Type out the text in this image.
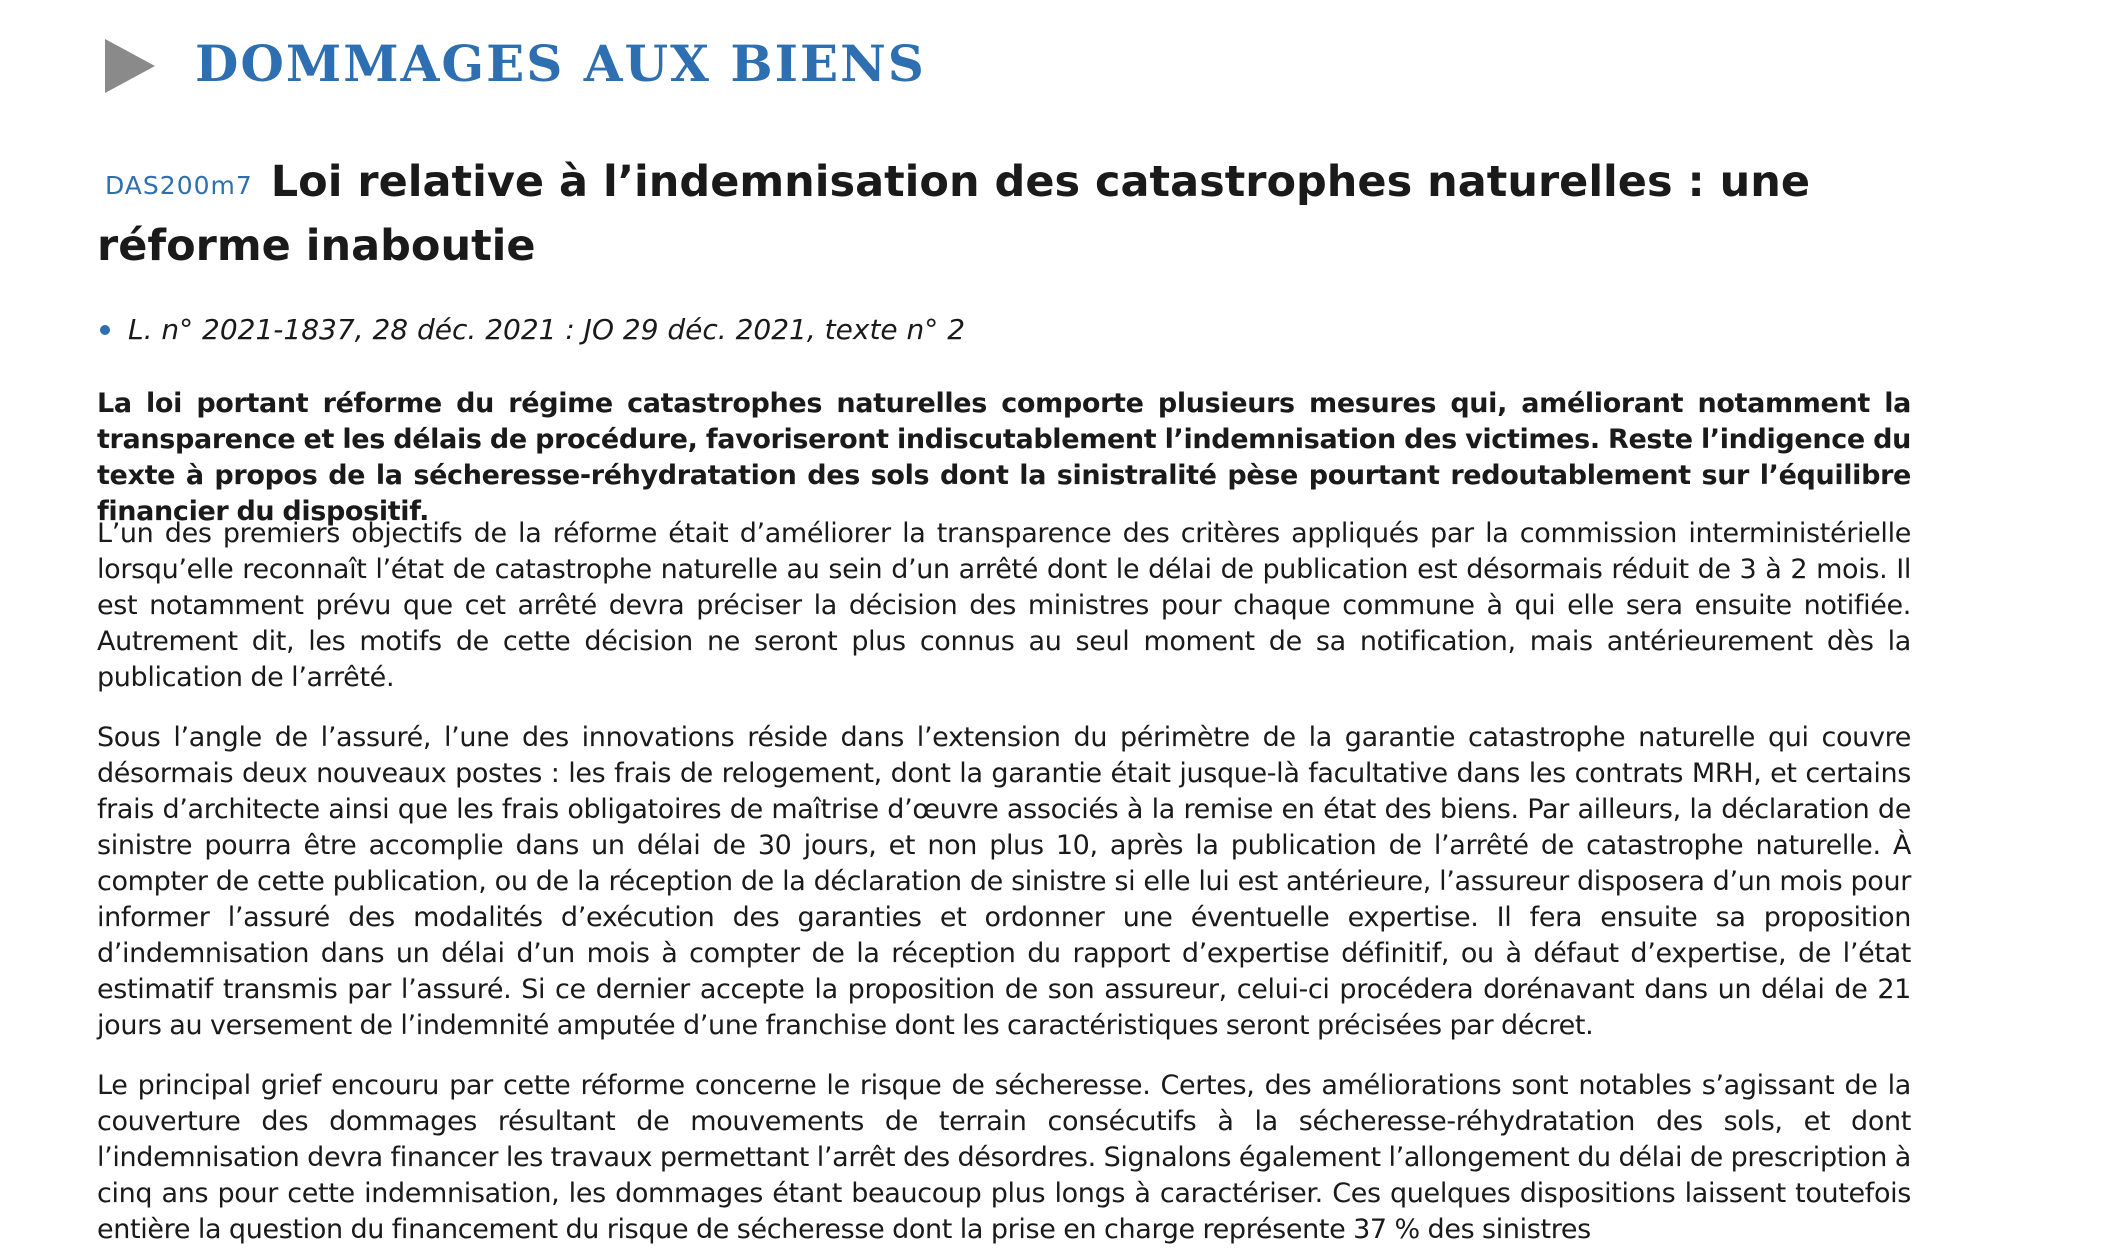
DOMMAGES AUX BIENS
DAS200m7 Loi relative à l’indemnisation des catastrophes naturelles : une réforme inaboutie
L. n° 2021-1837, 28 déc. 2021 : JO 29 déc. 2021, texte n° 2

La loi portant réforme du régime catastrophes naturelles comporte plusieurs mesures qui, améliorant notamment la transparence et les délais de procédure, favoriseront indiscutablement l’indemnisation des victimes. Reste l’indigence du texte à propos de la sécheresse-réhydratation des sols dont la sinistralité pèse pourtant redoutablement sur l’équilibre financier du dispositif.

L’un des premiers objectifs de la réforme était d’améliorer la transparence des critères appliqués par la commission interministérielle lorsqu’elle reconnaît l’état de catastrophe naturelle au sein d’un arrêté dont le délai de publication est désormais réduit de 3 à 2 mois. Il est notamment prévu que cet arrêté devra préciser la décision des ministres pour chaque commune à qui elle sera ensuite notifiée. Autrement dit, les motifs de cette décision ne seront plus connus au seul moment de sa notification, mais antérieurement dès la publication de l’arrêté.

Sous l’angle de l’assuré, l’une des innovations réside dans l’extension du périmètre de la garantie catastrophe naturelle qui couvre désormais deux nouveaux postes : les frais de relogement, dont la garantie était jusque-là facultative dans les contrats MRH, et certains frais d’architecte ainsi que les frais obligatoires de maîtrise d’œuvre associés à la remise en état des biens. Par ailleurs, la déclaration de sinistre pourra être accomplie dans un délai de 30 jours, et non plus 10, après la publication de l’arrêté de catastrophe naturelle. À compter de cette publication, ou de la réception de la déclaration de sinistre si elle lui est antérieure, l’assureur disposera d’un mois pour informer l’assuré des modalités d’exécution des garanties et ordonner une éventuelle expertise. Il fera ensuite sa proposition d’indemnisation dans un délai d’un mois à compter de la réception du rapport d’expertise définitif, ou à défaut d’expertise, de l’état estimatif transmis par l’assuré. Si ce dernier accepte la proposition de son assureur, celui-ci procédera dorénavant dans un délai de 21 jours au versement de l’indemnité amputée d’une franchise dont les caractéristiques seront précisées par décret.

Le principal grief encouru par cette réforme concerne le risque de sécheresse. Certes, des améliorations sont notables s’agissant de la couverture des dommages résultant de mouvements de terrain consécutifs à la sécheresse-réhydratation des sols, et dont l’indemnisation devra financer les travaux permettant l’arrêt des désordres. Signalons également l’allongement du délai de prescription à cinq ans pour cette indemnisation, les dommages étant beaucoup plus longs à caractériser. Ces quelques dispositions laissent toutefois entière la question du financement du risque de sécheresse dont la prise en charge représente 37 % des sinistres
